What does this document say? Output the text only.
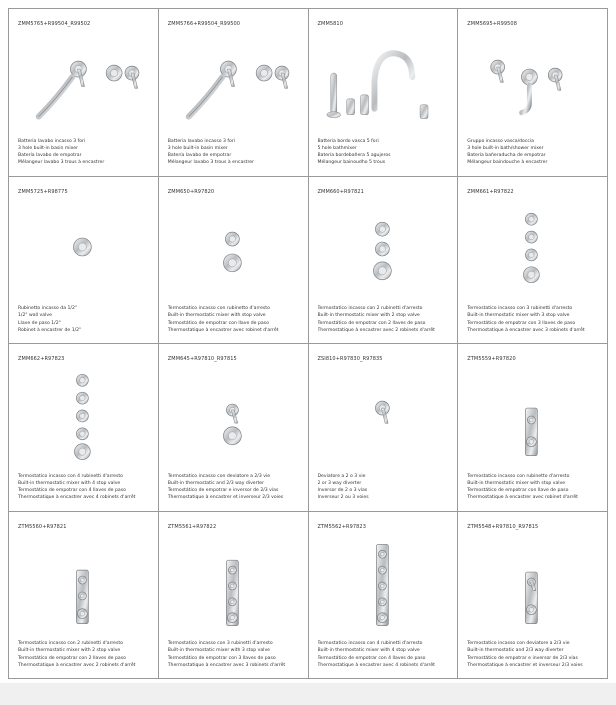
ZMM5765+R99504_R99502
Batteria lavabo incasso 3 fori
3 hole built-in basin mixer
Batería lavabo de empotrar
Mélangeur lavabo 3 trous à encastrer
ZMM5766+R99504_R99500
Batteria lavabo incasso 3 fori
3 hole built-in basin mixer
Batería lavabo de empotrar
Mélangeur lavabo 3 trous à encastrer
ZMM5810
Batteria bordo vasca 5 fori
5 hole bathmixer
Batería bordebañera 5 agujeros
Mélangeur bainoudho 5 trous
ZMM5695+R99508
Gruppo incasso vasca/doccia
3 hole built-in bath/shower mixer
Batería bañeraducha de empotrar
Mélangeur baindouche à encastrer
ZMM5725+R98775
Rubinetto incasso da 1/2"
1/2" wall valve
Llave de paso 1/2"
Robinet à encastrer de 1/2"
ZMM650+R97820
Termostatico incasso con rubinetto d'arresto
Built-in thermostatic mixer with stop valve
Termostático de empotrar con llave de paso
Thermostatique à encastrer avec robinet d'arrêt
ZMM660+R97821
Termostatico incasso con 2 rubinetti d'arresto
Built-in thermostatic mixer with 2 stop valve
Termostático de empotrar con 2 llaves de paso
Thermostatique à encastrer avec 2 robinets d'arrêt
ZMM661+R97822
Termostatico incasso con 3 rubinetti d'arresto
Built-in thermostatic mixer with 3 stop valve
Termostático de empotrar con 3 llaves de paso
Thermostatique à encastrer avec 3 robinets d'arrêt
ZMM662+R97823
Termostatico incasso con 4 rubinetti d'arresto
Built-in thermostatic mixer with 4 stop valve
Termostático de empotrar con 4 llaves de paso
Thermostatique à encastrer avec 4 robinets d'arrêt
ZMM645+R97810_R97815
Termostatico incasso con deviatore a 2/3 vie
Built-in thermostatic and 2/3 way diverter
Termostático de empotrar e inversor de 2/3 vías
Thermostatique à encastrer et inverseur 2/3 voies
ZSI810+R97830_R97835
Deviatore a 2 o 3 vie
2 or 3 way diverter
Inversor de 2 o 3 vías
Inverseur 2 ou 3 voies
ZTM5559+R97820
Termostatico incasso con rubinetto d'arresto
Built-in thermostatic mixer with stop valve
Termostático de empotrar con llave de paso
Thermostatique à encastrer avec robinet d'arrêt
ZTM5560+R97821
Termostatico incasso con 2 rubinetti d'arresto
Built-in thermostatic mixer with 2 stop valve
Termostático de empotrar con 2 llaves de paso
Thermostatique à encastrer avec 2 robinets d'arrêt
ZTM5561+R97822
Termostatico incasso con 3 rubinetti d'arresto
Built-in thermostatic mixer with 3 stop valve
Termostático de empotrar con 3 llaves de paso
Thermostatique à encastrer avec 3 robinets d'arrêt
ZTM5562+R97823
Termostatico incasso con 4 rubinetti d'arresto
Built-in thermostatic mixer with 4 stop valve
Termostático de empotrar con 4 llaves de paso
Thermostatique à encastrer avec 4 robinets d'arrêt
ZTM5548+R97810_R97815
Termostatico incasso con deviatore a 2/3 vie
Built-in thermostatic and 2/3 way diverter
Termostático de empotrar e inversor de 2/3 vías
Thermostatique à encastrer et inverseur 2/3 voies
